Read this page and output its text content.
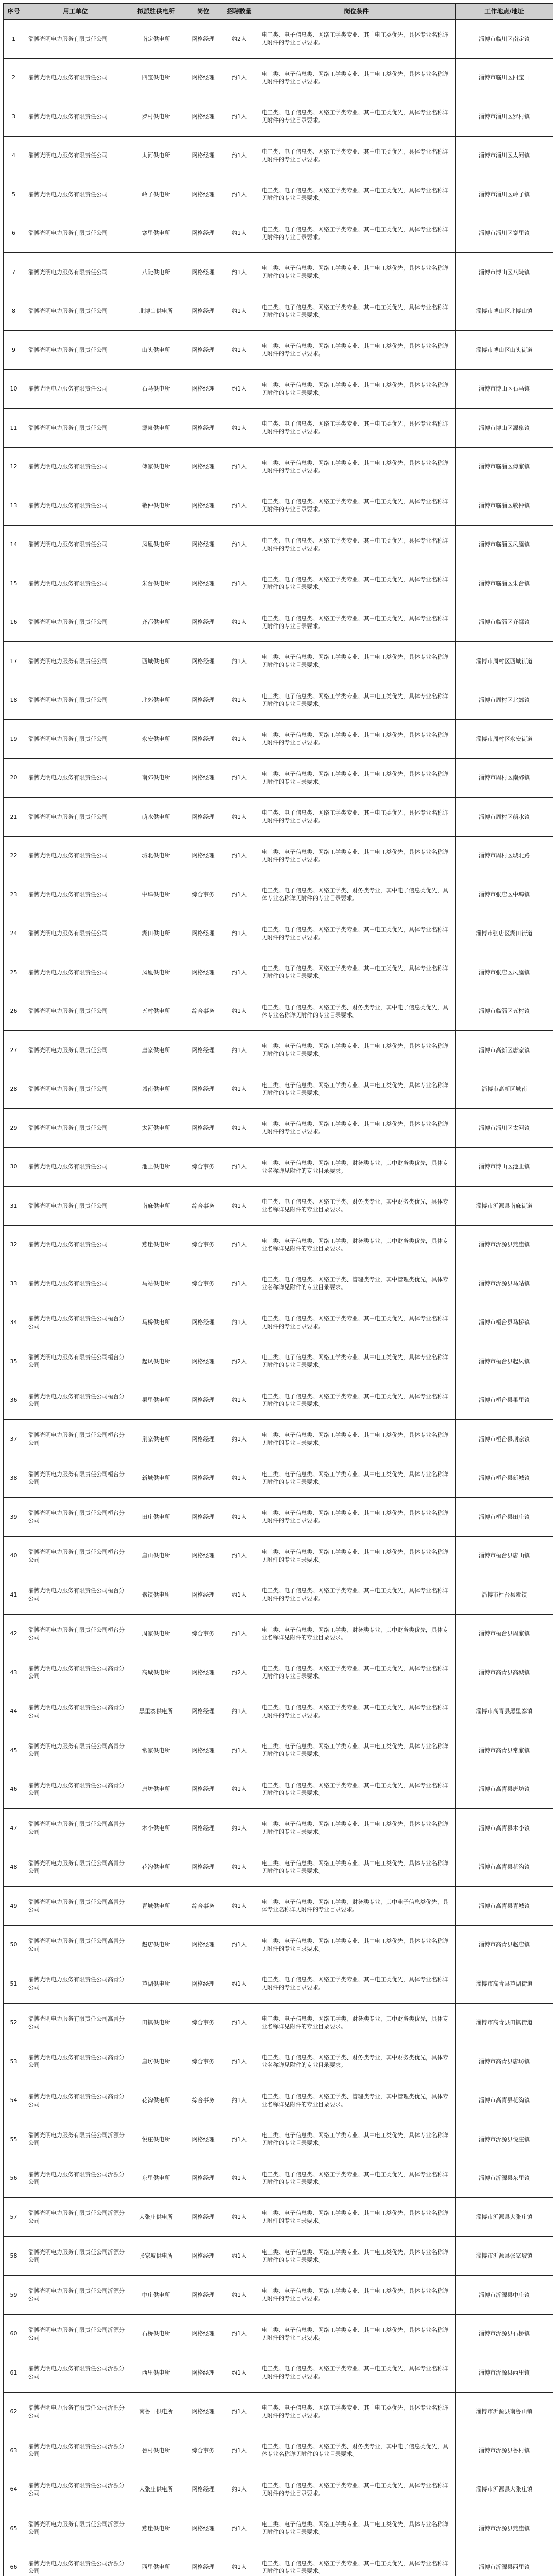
序号	用工单位	拟派驻供电所	岗位	招聘数量	岗位条件	工作地点/地址
1	淄博光明电力服务有限责任公司	南定供电所	网格经理	约2人	电工类、电子信息类、网络工学类专业、其中电工类优先，具体专业名称详见附件的专业目录要求。	淄博市临川区南定镇
2	淄博光明电力服务有限责任公司	四宝供电所	网格经理	约1人	电工类、电子信息类、网络工学类专业、其中电工类优先，具体专业名称详见附件的专业目录要求。	淄博市临川区四宝山
3	淄博光明电力服务有限责任公司	罗村供电所	网格经理	约1人	电工类、电子信息类、网络工学类专业、其中电工类优先，具体专业名称详见附件的专业目录要求。	淄博市淄川区罗村镇
4	淄博光明电力服务有限责任公司	太河供电所	网格经理	约1人	电工类、电子信息类、网络工学类专业、其中电工类优先，具体专业名称详见附件的专业目录要求。	淄博市淄川区太河镇
5	淄博光明电力服务有限责任公司	岭子供电所	网格经理	约1人	电工类、电子信息类、网络工学类专业、其中电工类优先，具体专业名称详见附件的专业目录要求。	淄博市淄川区岭子镇
6	淄博光明电力服务有限责任公司	寨里供电所	网格经理	约1人	电工类、电子信息类、网络工学类专业、其中电工类优先，具体专业名称详见附件的专业目录要求。	淄博市淄川区寨里镇
7	淄博光明电力服务有限责任公司	八陡供电所	网格经理	约1人	电工类、电子信息类、网络工学类专业、其中电工类优先，具体专业名称详见附件的专业目录要求。	淄博市博山区八陡镇
8	淄博光明电力服务有限责任公司	北博山供电所	网格经理	约1人	电工类、电子信息类、网络工学类专业、其中电工类优先，具体专业名称详见附件的专业目录要求。	淄博市博山区北博山镇
9	淄博光明电力服务有限责任公司	山头供电所	网格经理	约1人	电工类、电子信息类、网络工学类专业、其中电工类优先，具体专业名称详见附件的专业目录要求。	淄博市博山区山头街道
10	淄博光明电力服务有限责任公司	石马供电所	网格经理	约1人	电工类、电子信息类、网络工学类专业、其中电工类优先，具体专业名称详见附件的专业目录要求。	淄博市博山区石马镇
11	淄博光明电力服务有限责任公司	源泉供电所	网格经理	约1人	电工类、电子信息类、网络工学类专业、其中电工类优先，具体专业名称详见附件的专业目录要求。	淄博市博山区源泉镇
12	淄博光明电力服务有限责任公司	傅家供电所	网格经理	约1人	电工类、电子信息类、网络工学类专业、其中电工类优先，具体专业名称详见附件的专业目录要求。	淄博市临淄区傅家镇
13	淄博光明电力服务有限责任公司	敬仲供电所	网格经理	约1人	电工类、电子信息类、网络工学类专业、其中电工类优先，具体专业名称详见附件的专业目录要求。	淄博市临淄区敬仲镇
14	淄博光明电力服务有限责任公司	凤凰供电所	网格经理	约1人	电工类、电子信息类、网络工学类专业、其中电工类优先，具体专业名称详见附件的专业目录要求。	淄博市临淄区凤凰镇
15	淄博光明电力服务有限责任公司	朱台供电所	网格经理	约1人	电工类、电子信息类、网络工学类专业、其中电工类优先，具体专业名称详见附件的专业目录要求。	淄博市临淄区朱台镇
16	淄博光明电力服务有限责任公司	齐都供电所	网格经理	约1人	电工类、电子信息类、网络工学类专业、其中电工类优先，具体专业名称详见附件的专业目录要求。	淄博市临淄区齐都镇
17	淄博光明电力服务有限责任公司	西城供电所	网格经理	约1人	电工类、电子信息类、网络工学类专业、其中电工类优先，具体专业名称详见附件的专业目录要求。	淄博市周村区西城街道
18	淄博光明电力服务有限责任公司	北郊供电所	网格经理	约1人	电工类、电子信息类、网络工学类专业、其中电工类优先，具体专业名称详见附件的专业目录要求。	淄博市周村区北郊镇
19	淄博光明电力服务有限责任公司	永安供电所	网格经理	约1人	电工类、电子信息类、网络工学类专业、其中电工类优先，具体专业名称详见附件的专业目录要求。	淄博市周村区永安街道
20	淄博光明电力服务有限责任公司	南郊供电所	网格经理	约1人	电工类、电子信息类、网络工学类专业、其中电工类优先，具体专业名称详见附件的专业目录要求。	淄博市周村区南郊镇
21	淄博光明电力服务有限责任公司	萌水供电所	网格经理	约1人	电工类、电子信息类、网络工学类专业、其中电工类优先，具体专业名称详见附件的专业目录要求。	淄博市周村区萌水镇
22	淄博光明电力服务有限责任公司	城北供电所	网格经理	约1人	电工类、电子信息类、网络工学类专业、其中电工类优先，具体专业名称详见附件的专业目录要求。	淄博市周村区城北路
23	淄博光明电力服务有限责任公司	中埠供电所	综合事务	约1人	电工类、电子信息类、网络工学类、财务类专业，其中电子信息类优先，具体专业名称详见附件的专业目录要求。	淄博市张店区中埠镇
24	淄博光明电力服务有限责任公司	湖田供电所	网格经理	约1人	电工类、电子信息类、网络工学类专业、其中电工类优先，具体专业名称详见附件的专业目录要求。	淄博市张店区湖田街道
25	淄博光明电力服务有限责任公司	凤凰供电所	网格经理	约1人	电工类、电子信息类、网络工学类专业、其中电工类优先，具体专业名称详见附件的专业目录要求。	淄博市张店区凤凰镇
26	淄博光明电力服务有限责任公司	五村供电所	综合事务	约1人	电工类、电子信息类、网络工学类、财务类专业，其中电子信息类优先，具体专业名称详见附件的专业目录要求。	淄博市临淄区五村镇
27	淄博光明电力服务有限责任公司	唐家供电所	网格经理	约1人	电工类、电子信息类、网络工学类专业、其中电工类优先，具体专业名称详见附件的专业目录要求。	淄博市高新区唐家镇
28	淄博光明电力服务有限责任公司	城南供电所	网格经理	约1人	电工类、电子信息类、网络工学类专业、其中电工类优先，具体专业名称详见附件的专业目录要求。	淄博市高新区城南
29	淄博光明电力服务有限责任公司	太河供电所	网格经理	约1人	电工类、电子信息类、网络工学类专业、其中电工类优先，具体专业名称详见附件的专业目录要求。	淄博市淄川区太河镇
30	淄博光明电力服务有限责任公司	池上供电所	综合事务	约1人	电工类、电子信息类、网络工学类、财务类专业，其中财务类优先，具体专业名称详见附件的专业目录要求。	淄博市博山区池上镇
31	淄博光明电力服务有限责任公司	南麻供电所	综合事务	约1人	电工类、电子信息类、网络工学类、财务类专业，其中财务类优先，具体专业名称详见附件的专业目录要求。	淄博市沂源县南麻街道
32	淄博光明电力服务有限责任公司	燕崖供电所	综合事务	约1人	电工类、电子信息类、网络工学类、财务类专业，其中财务类优先，具体专业名称详见附件的专业目录要求。	淄博市沂源县燕崖镇
33	淄博光明电力服务有限责任公司	马站供电所	综合事务	约1人	电工类、电子信息类、网络工学类、管理类专业，其中管理类优先，具体专业名称详见附件的专业目录要求。	淄博市沂源县马站镇
34	淄博光明电力服务有限责任公司桓台分公司	马桥供电所	网格经理	约1人	电工类、电子信息类、网络工学类专业、其中电工类优先，具体专业名称详见附件的专业目录要求。	淄博市桓台县马桥镇
35	淄博光明电力服务有限责任公司桓台分公司	起凤供电所	网格经理	约2人	电工类、电子信息类、网络工学类专业、其中电工类优先，具体专业名称详见附件的专业目录要求。	淄博市桓台县起凤镇
36	淄博光明电力服务有限责任公司桓台分公司	果里供电所	网格经理	约1人	电工类、电子信息类、网络工学类专业、其中电工类优先，具体专业名称详见附件的专业目录要求。	淄博市桓台县果里镇
37	淄博光明电力服务有限责任公司桓台分公司	荆家供电所	网格经理	约1人	电工类、电子信息类、网络工学类专业、其中电工类优先，具体专业名称详见附件的专业目录要求。	淄博市桓台县荆家镇
38	淄博光明电力服务有限责任公司桓台分公司	新城供电所	网格经理	约1人	电工类、电子信息类、网络工学类专业、其中电工类优先，具体专业名称详见附件的专业目录要求。	淄博市桓台县新城镇
39	淄博光明电力服务有限责任公司桓台分公司	田庄供电所	网格经理	约1人	电工类、电子信息类、网络工学类专业、其中电工类优先，具体专业名称详见附件的专业目录要求。	淄博市桓台县田庄镇
40	淄博光明电力服务有限责任公司桓台分公司	唐山供电所	网格经理	约1人	电工类、电子信息类、网络工学类专业、其中电工类优先，具体专业名称详见附件的专业目录要求。	淄博市桓台县唐山镇
41	淄博光明电力服务有限责任公司桓台分公司	索镇供电所	网格经理	约1人	电工类、电子信息类、网络工学类专业、其中电工类优先，具体专业名称详见附件的专业目录要求。	淄博市桓台县索镇
42	淄博光明电力服务有限责任公司桓台分公司	周家供电所	综合事务	约1人	电工类、电子信息类、网络工学类、财务类专业，其中财务类优先，具体专业名称详见附件的专业目录要求。	淄博市桓台县周家镇
43	淄博光明电力服务有限责任公司高青分公司	高城供电所	网格经理	约2人	电工类、电子信息类、网络工学类专业、其中电工类优先，具体专业名称详见附件的专业目录要求。	淄博市高青县高城镇
44	淄博光明电力服务有限责任公司高青分公司	黑里寨供电所	网格经理	约1人	电工类、电子信息类、网络工学类专业、其中电工类优先，具体专业名称详见附件的专业目录要求。	淄博市高青县黑里寨镇
45	淄博光明电力服务有限责任公司高青分公司	常家供电所	网格经理	约1人	电工类、电子信息类、网络工学类专业、其中电工类优先，具体专业名称详见附件的专业目录要求。	淄博市高青县常家镇
46	淄博光明电力服务有限责任公司高青分公司	唐坊供电所	网格经理	约1人	电工类、电子信息类、网络工学类专业、其中电工类优先，具体专业名称详见附件的专业目录要求。	淄博市高青县唐坊镇
47	淄博光明电力服务有限责任公司高青分公司	木李供电所	网格经理	约1人	电工类、电子信息类、网络工学类专业、其中电工类优先，具体专业名称详见附件的专业目录要求。	淄博市高青县木李镇
48	淄博光明电力服务有限责任公司高青分公司	花沟供电所	网格经理	约1人	电工类、电子信息类、网络工学类专业、其中电工类优先，具体专业名称详见附件的专业目录要求。	淄博市高青县花沟镇
49	淄博光明电力服务有限责任公司高青分公司	青城供电所	综合事务	约1人	电工类、电子信息类、网络工学类、财务类专业，其中电子信息类优先，具体专业名称详见附件的专业目录要求。	淄博市高青县青城镇
50	淄博光明电力服务有限责任公司高青分公司	赵店供电所	网格经理	约1人	电工类、电子信息类、网络工学类专业、其中电工类优先，具体专业名称详见附件的专业目录要求。	淄博市高青县赵店镇
51	淄博光明电力服务有限责任公司高青分公司	芦湖供电所	网格经理	约1人	电工类、电子信息类、网络工学类专业、其中电工类优先，具体专业名称详见附件的专业目录要求。	淄博市高青县芦湖街道
52	淄博光明电力服务有限责任公司高青分公司	田镇供电所	综合事务	约1人	电工类、电子信息类、网络工学类、财务类专业，其中财务类优先，具体专业名称详见附件的专业目录要求。	淄博市高青县田镇街道
53	淄博光明电力服务有限责任公司高青分公司	唐坊供电所	综合事务	约1人	电工类、电子信息类、网络工学类、财务类专业，其中财务类优先，具体专业名称详见附件的专业目录要求。	淄博市高青县唐坊镇
54	淄博光明电力服务有限责任公司高青分公司	花沟供电所	综合事务	约1人	电工类、电子信息类、网络工学类、管理类专业，其中管理类优先，具体专业名称详见附件的专业目录要求。	淄博市高青县花沟镇
55	淄博光明电力服务有限责任公司沂源分公司	悦庄供电所	网格经理	约1人	电工类、电子信息类、网络工学类专业、其中电工类优先，具体专业名称详见附件的专业目录要求。	淄博市沂源县悦庄镇
56	淄博光明电力服务有限责任公司沂源分公司	东里供电所	网格经理	约1人	电工类、电子信息类、网络工学类专业、其中电工类优先，具体专业名称详见附件的专业目录要求。	淄博市沂源县东里镇
57	淄博光明电力服务有限责任公司沂源分公司	大张庄供电所	网格经理	约1人	电工类、电子信息类、网络工学类专业、其中电工类优先，具体专业名称详见附件的专业目录要求。	淄博市沂源县大张庄镇
58	淄博光明电力服务有限责任公司沂源分公司	张家坡供电所	网格经理	约1人	电工类、电子信息类、网络工学类专业、其中电工类优先，具体专业名称详见附件的专业目录要求。	淄博市沂源县张家坡镇
59	淄博光明电力服务有限责任公司沂源分公司	中庄供电所	网格经理	约1人	电工类、电子信息类、网络工学类专业、其中电工类优先，具体专业名称详见附件的专业目录要求。	淄博市沂源县中庄镇
60	淄博光明电力服务有限责任公司沂源分公司	石桥供电所	网格经理	约1人	电工类、电子信息类、网络工学类专业、其中电工类优先，具体专业名称详见附件的专业目录要求。	淄博市沂源县石桥镇
61	淄博光明电力服务有限责任公司沂源分公司	西里供电所	网格经理	约1人	电工类、电子信息类、网络工学类专业、其中电工类优先，具体专业名称详见附件的专业目录要求。	淄博市沂源县西里镇
62	淄博光明电力服务有限责任公司沂源分公司	南鲁山供电所	网格经理	约1人	电工类、电子信息类、网络工学类专业、其中电工类优先，具体专业名称详见附件的专业目录要求。	淄博市沂源县南鲁山镇
63	淄博光明电力服务有限责任公司沂源分公司	鲁村供电所	综合事务	约1人	电工类、电子信息类、网络工学类、财务类专业，其中电子信息类优先，具体专业名称详见附件的专业目录要求。	淄博市沂源县鲁村镇
64	淄博光明电力服务有限责任公司沂源分公司	大张庄供电所	网格经理	约1人	电工类、电子信息类、网络工学类专业、其中电工类优先，具体专业名称详见附件的专业目录要求。	淄博市沂源县大张庄镇
65	淄博光明电力服务有限责任公司沂源分公司	燕崖供电所	网格经理	约1人	电工类、电子信息类、网络工学类专业、其中电工类优先，具体专业名称详见附件的专业目录要求。	淄博市沂源县燕崖镇
66	淄博光明电力服务有限责任公司沂源分公司	西里供电所	网格经理	约1人	电工类、电子信息类、网络工学类专业、其中电工类优先，具体专业名称详见附件的专业目录要求。	淄博市沂源县西里镇
